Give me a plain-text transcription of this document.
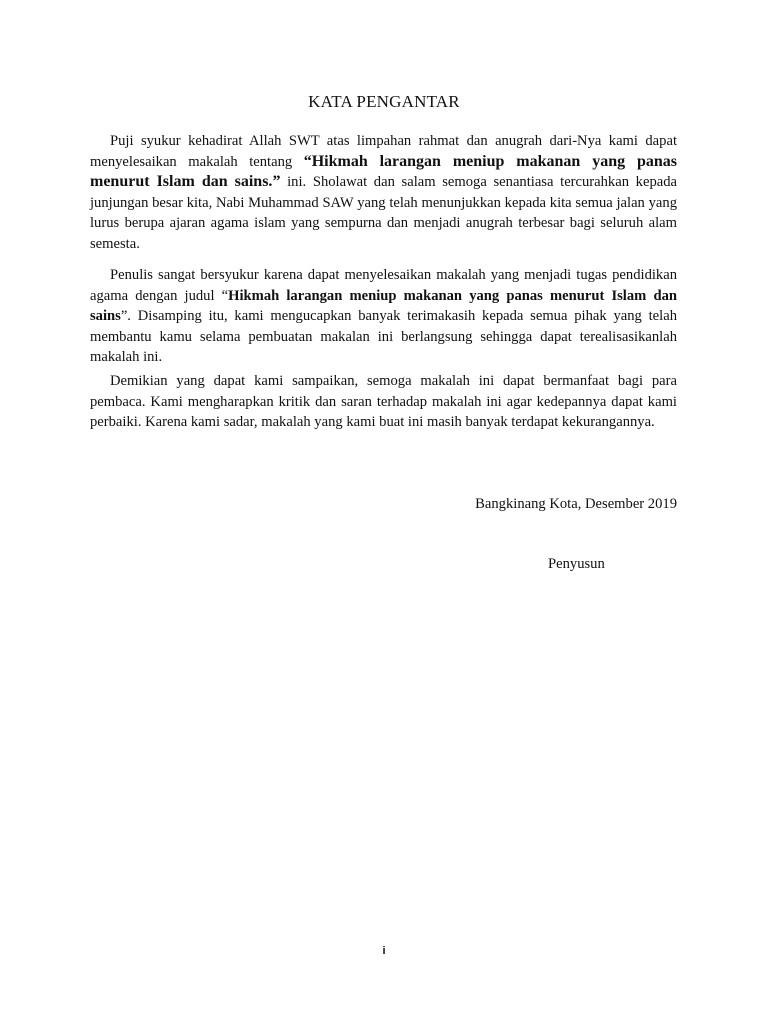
KATA PENGANTAR

Puji syukur kehadirat Allah SWT atas limpahan rahmat dan anugrah dari-Nya kami dapat menyelesaikan makalah tentang “Hikmah larangan meniup makanan yang panas menurut Islam dan sains.” ini. Sholawat dan salam semoga senantiasa tercurahkan kepada junjungan besar kita, Nabi Muhammad SAW yang telah menunjukkan kepada kita semua jalan yang lurus berupa ajaran agama islam yang sempurna dan menjadi anugrah terbesar bagi seluruh alam semesta.

Penulis sangat bersyukur karena dapat menyelesaikan makalah yang menjadi tugas pendidikan agama dengan judul “Hikmah larangan meniup makanan yang panas menurut Islam dan sains”. Disamping itu, kami mengucapkan banyak terimakasih kepada semua pihak yang telah membantu kamu selama pembuatan makalan ini berlangsung sehingga dapat terealisasikanlah makalah ini.

Demikian yang dapat kami sampaikan, semoga makalah ini dapat bermanfaat bagi para pembaca. Kami mengharapkan kritik dan saran terhadap makalah ini agar kedepannya dapat kami perbaiki. Karena kami sadar, makalah yang kami buat ini masih banyak terdapat kekurangannya.

Bangkinang Kota, Desember 2019
Penyusun
i
